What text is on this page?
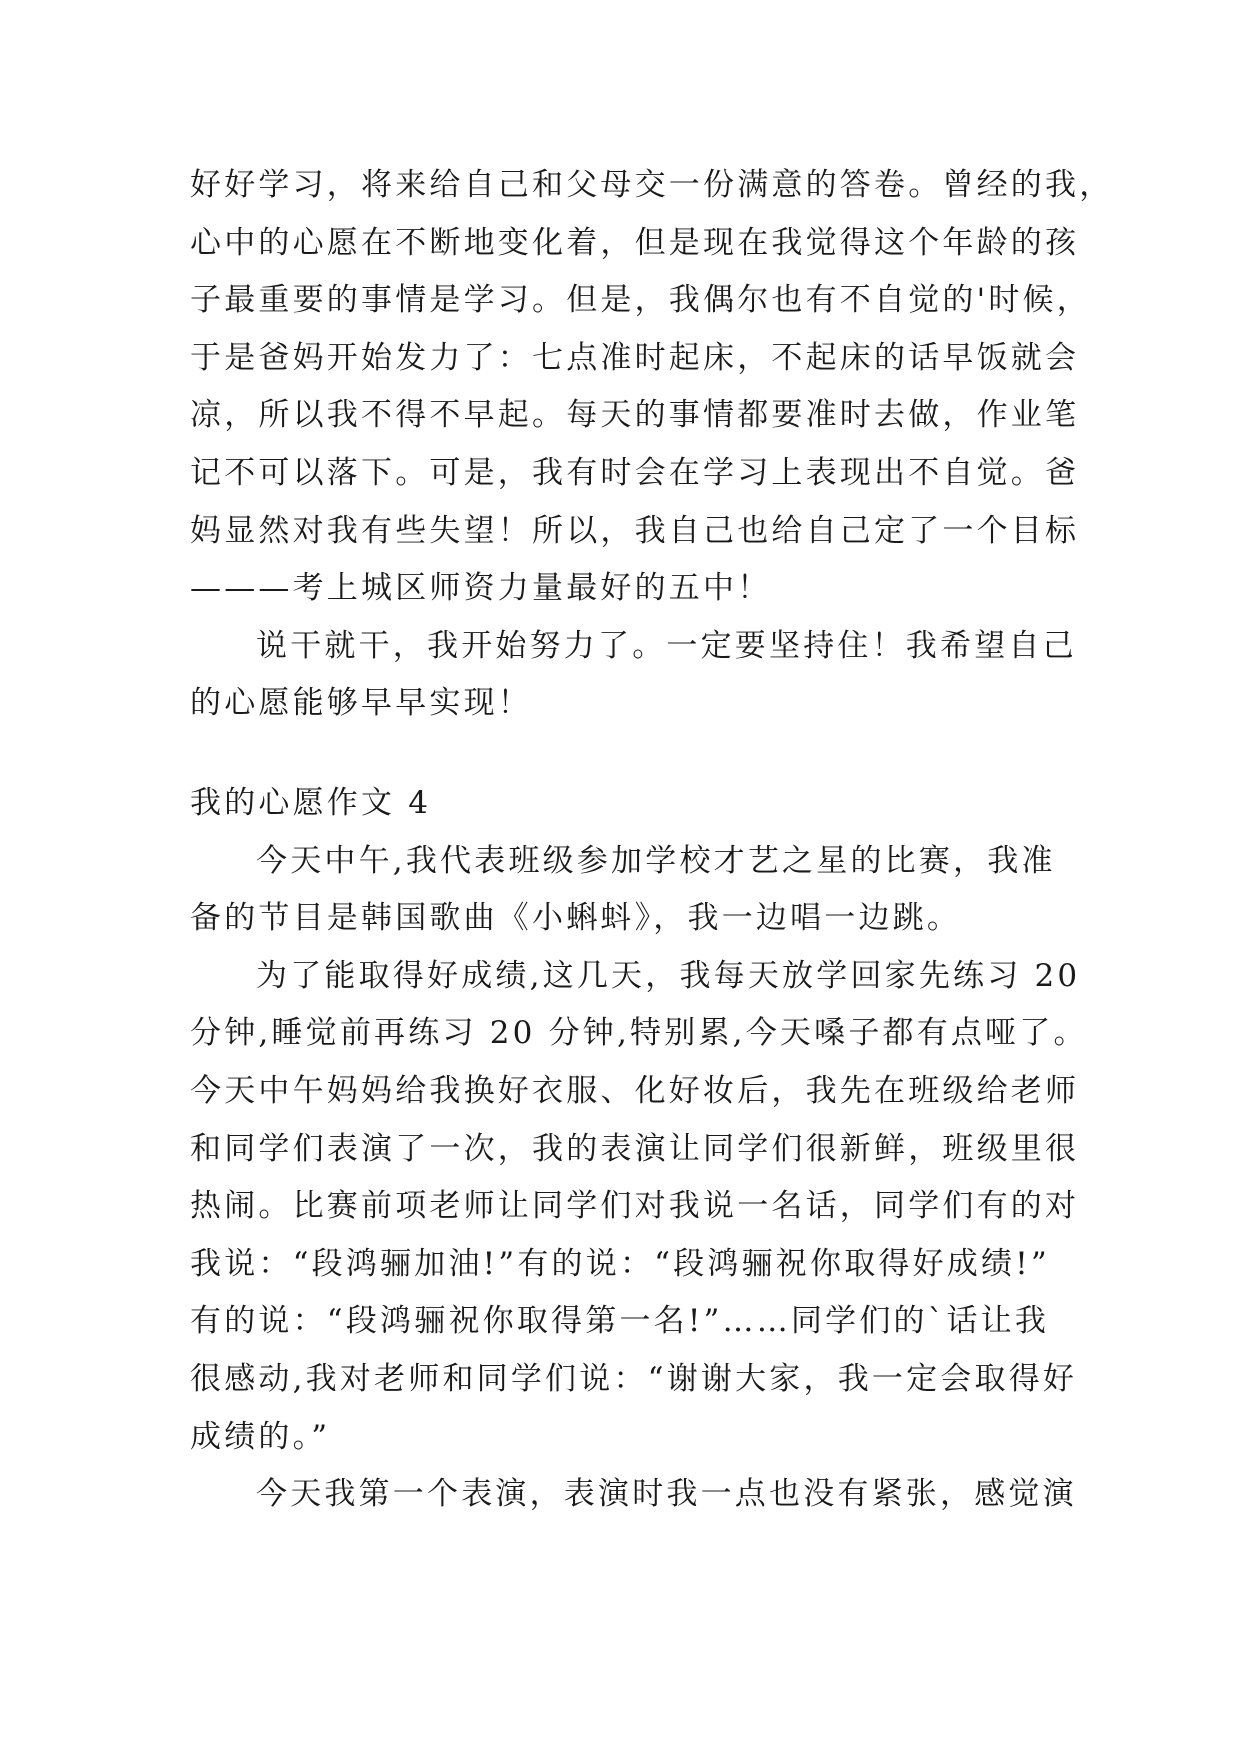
好好学习，将来给自己和父母交一份满意的答卷。曾经的我，
心中的心愿在不断地变化着，但是现在我觉得这个年龄的孩
子最重要的事情是学习。但是，我偶尔也有不自觉的'时候，
于是爸妈开始发力了：七点准时起床，不起床的话早饭就会
凉，所以我不得不早起。每天的事情都要准时去做，作业笔
记不可以落下。可是，我有时会在学习上表现出不自觉。爸
妈显然对我有些失望！所以，我自己也给自己定了一个目标
———考上城区师资力量最好的五中！
说干就干，我开始努力了。一定要坚持住！我希望自己
的心愿能够早早实现！
我的心愿作文 4
今天中午,我代表班级参加学校才艺之星的比赛，我准
备的节目是韩国歌曲《小蝌蚪》，我一边唱一边跳。
为了能取得好成绩,这几天，我每天放学回家先练习 20
分钟,睡觉前再练习 20 分钟,特别累,今天嗓子都有点哑了。
今天中午妈妈给我换好衣服、化好妆后，我先在班级给老师
和同学们表演了一次，我的表演让同学们很新鲜，班级里很
热闹。比赛前项老师让同学们对我说一名话，同学们有的对
我说：“段鸿骊加油!”有的说：“段鸿骊祝你取得好成绩!”
有的说：“段鸿骊祝你取得第一名!”……同学们的`话让我
很感动,我对老师和同学们说：“谢谢大家，我一定会取得好
成绩的。”
今天我第一个表演，表演时我一点也没有紧张，感觉演
